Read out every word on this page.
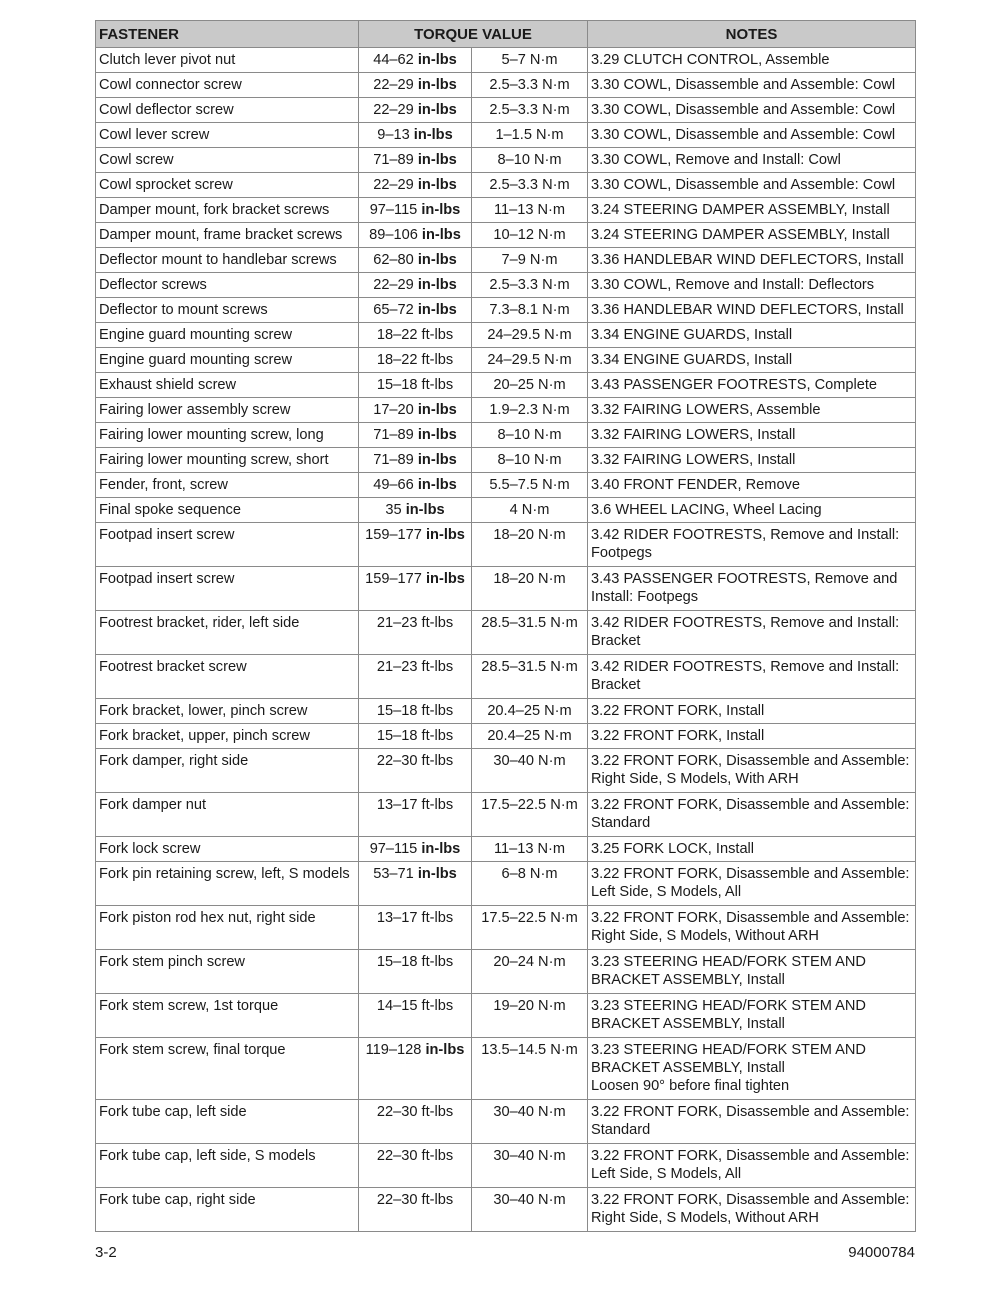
FASTENER	TORQUE VALUE		NOTES
Clutch lever pivot nut	44–62 in-lbs	5–7 N·m	3.29 CLUTCH CONTROL, Assemble

Cowl connector screw	22–29 in-lbs	2.5–3.3 N·m	3.30 COWL, Disassemble and Assemble: Cowl

Cowl deflector screw	22–29 in-lbs	2.5–3.3 N·m	3.30 COWL, Disassemble and Assemble: Cowl

Cowl lever screw	9–13 in-lbs	1–1.5 N·m	3.30 COWL, Disassemble and Assemble: Cowl

Cowl screw	71–89 in-lbs	8–10 N·m	3.30 COWL, Remove and Install: Cowl

Cowl sprocket screw	22–29 in-lbs	2.5–3.3 N·m	3.30 COWL, Disassemble and Assemble: Cowl

Damper mount, fork bracket screws	97–115 in-lbs	11–13 N·m	3.24 STEERING DAMPER ASSEMBLY, Install

Damper mount, frame bracket screws	89–106 in-lbs	10–12 N·m	3.24 STEERING DAMPER ASSEMBLY, Install

Deflector mount to handlebar screws	62–80 in-lbs	7–9 N·m	3.36 HANDLEBAR WIND DEFLECTORS, Install

Deflector screws	22–29 in-lbs	2.5–3.3 N·m	3.30 COWL, Remove and Install: Deflectors

Deflector to mount screws	65–72 in-lbs	7.3–8.1 N·m	3.36 HANDLEBAR WIND DEFLECTORS, Install

Engine guard mounting screw	18–22 ft-lbs	24–29.5 N·m	3.34 ENGINE GUARDS, Install

Engine guard mounting screw	18–22 ft-lbs	24–29.5 N·m	3.34 ENGINE GUARDS, Install

Exhaust shield screw	15–18 ft-lbs	20–25 N·m	3.43 PASSENGER FOOTRESTS, Complete

Fairing lower assembly screw	17–20 in-lbs	1.9–2.3 N·m	3.32 FAIRING LOWERS, Assemble

Fairing lower mounting screw, long	71–89 in-lbs	8–10 N·m	3.32 FAIRING LOWERS, Install

Fairing lower mounting screw, short	71–89 in-lbs	8–10 N·m	3.32 FAIRING LOWERS, Install

Fender, front, screw	49–66 in-lbs	5.5–7.5 N·m	3.40 FRONT FENDER, Remove

Final spoke sequence	35 in-lbs	4 N·m	3.6 WHEEL LACING, Wheel Lacing

Footpad insert screw	159–177 in-lbs	18–20 N·m	3.42 RIDER FOOTRESTS, Remove and Install: Footpegs

Footpad insert screw	159–177 in-lbs	18–20 N·m	3.43 PASSENGER FOOTRESTS, Remove and Install: Footpegs

Footrest bracket, rider, left side	21–23 ft-lbs	28.5–31.5 N·m	3.42 RIDER FOOTRESTS, Remove and Install: Bracket

Footrest bracket screw	21–23 ft-lbs	28.5–31.5 N·m	3.42 RIDER FOOTRESTS, Remove and Install: Bracket

Fork bracket, lower, pinch screw	15–18 ft-lbs	20.4–25 N·m	3.22 FRONT FORK, Install

Fork bracket, upper, pinch screw	15–18 ft-lbs	20.4–25 N·m	3.22 FRONT FORK, Install

Fork damper, right side	22–30 ft-lbs	30–40 N·m	3.22 FRONT FORK, Disassemble and Assemble: Right Side, S Models, With ARH

Fork damper nut	13–17 ft-lbs	17.5–22.5 N·m	3.22 FRONT FORK, Disassemble and Assemble: Standard

Fork lock screw	97–115 in-lbs	11–13 N·m	3.25 FORK LOCK, Install

Fork pin retaining screw, left, S models	53–71 in-lbs	6–8 N·m	3.22 FRONT FORK, Disassemble and Assemble: Left Side, S Models, All

Fork piston rod hex nut, right side	13–17 ft-lbs	17.5–22.5 N·m	3.22 FRONT FORK, Disassemble and Assemble: Right Side, S Models, Without ARH

Fork stem pinch screw	15–18 ft-lbs	20–24 N·m	3.23 STEERING HEAD/FORK STEM AND BRACKET ASSEMBLY, Install

Fork stem screw, 1st torque	14–15 ft-lbs	19–20 N·m	3.23 STEERING HEAD/FORK STEM AND BRACKET ASSEMBLY, Install

Fork stem screw, final torque	119–128 in-lbs	13.5–14.5 N·m	3.23 STEERING HEAD/FORK STEM AND BRACKET ASSEMBLY, Install
Loosen 90° before final tighten

Fork tube cap, left side	22–30 ft-lbs	30–40 N·m	3.22 FRONT FORK, Disassemble and Assemble: Standard

Fork tube cap, left side, S models	22–30 ft-lbs	30–40 N·m	3.22 FRONT FORK, Disassemble and Assemble: Left Side, S Models, All

Fork tube cap, right side	22–30 ft-lbs	30–40 N·m	3.22 FRONT FORK, Disassemble and Assemble: Right Side, S Models, Without ARH
3-2	94000784
